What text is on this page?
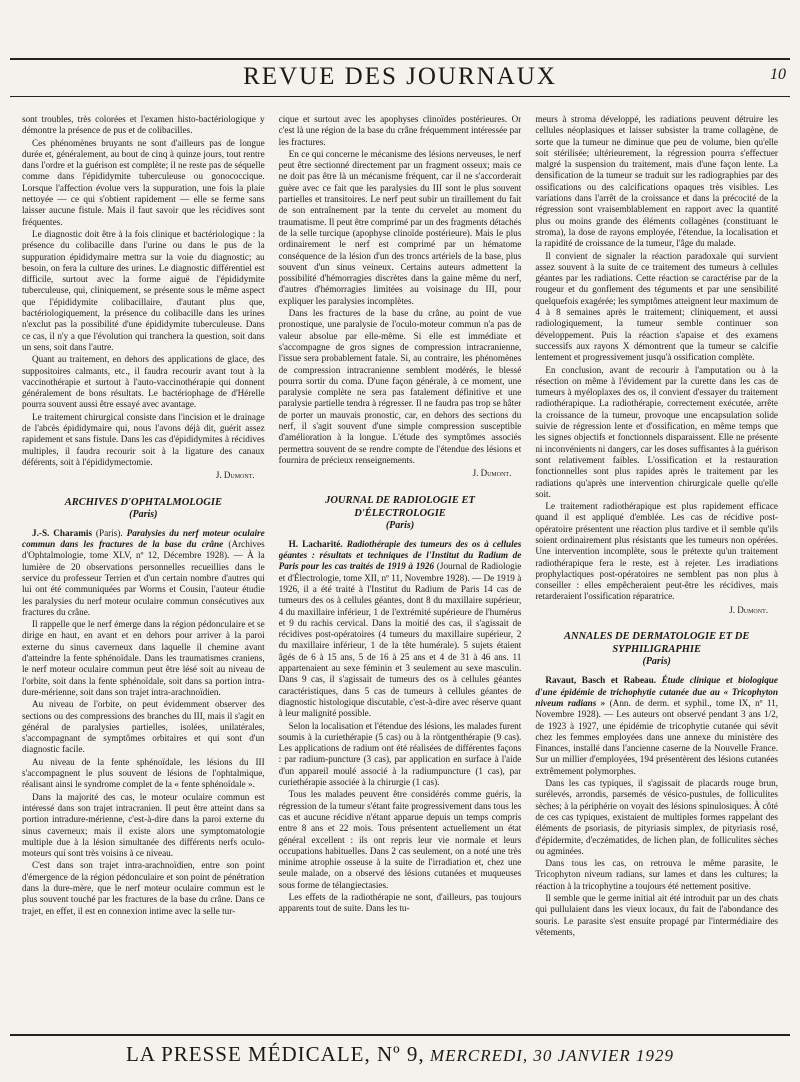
REVUE DES JOURNAUX	10

sont troubles, très colorées et l'examen histo-bactériologique y démontre la présence de pus et de colibacilles.

Ces phénomènes bruyants ne sont d'ailleurs pas de longue durée et, généralement, au bout de cinq à quinze jours, tout rentre dans l'ordre et la guérison est complète; il ne reste pas de séquelle comme dans l'épididymite tuberculeuse ou gonococcique. Lorsque l'affection évolue vers la suppuration, une fois la plaie nettoyée — ce qui s'obtient rapidement — elle se ferme sans laisser aucune fistule. Mais il faut savoir que les récidives sont fréquentes.

Le diagnostic doit être à la fois clinique et bactériologique : la présence du colibacille dans l'urine ou dans le pus de la suppuration épididymaire mettra sur la voie du diagnostic; au besoin, on fera la culture des urines. Le diagnostic différentiel est difficile, surtout avec la forme aiguë de l'épididymite tuberculeuse, qui, cliniquement, se présente sous le même aspect que l'épididymite colibacillaire, d'autant plus que, bactériologiquement, la présence du colibacille dans les urines n'exclut pas la possibilité d'une épididymite tuberculeuse. Dans ce cas, il n'y a que l'évolution qui tranchera la question, soit dans un sens, soit dans l'autre.

Quant au traitement, en dehors des applications de glace, des suppositoires calmants, etc., il faudra recourir avant tout à la vaccinothérapie et surtout à l'auto-vaccinothérapie qui donnent généralement de bons résultats. Le bactériophage de d'Hérelle pourra souvent aussi être essayé avec avantage.

Le traitement chirurgical consiste dans l'incision et le drainage de l'abcès épididymaire qui, nous l'avons déjà dit, guérit assez rapidement et sans fistule. Dans les cas d'épididymites à récidives multiples, il faudra recourir soit à la ligature des canaux déférents, soit à l'épididymectomie.

J. Dumont.
ARCHIVES D'OPHTALMOLOGIE
(Paris)

J.-S. Charamis (Paris). Paralysies du nerf moteur oculaire commun dans les fractures de la base du crâne (Archives d'Ophtalmologie, tome XLV, nº 12, Décembre 1928). — À la lumière de 20 observations personnelles recueillies dans le service du professeur Terrien et d'un certain nombre d'autres qui lui ont été communiquées par Worms et Cousin, l'auteur étudie les paralysies du nerf moteur oculaire commun consécutives aux fractures du crâne.

Il rappelle que le nerf émerge dans la région pédonculaire et se dirige en haut, en avant et en dehors pour arriver à la paroi externe du sinus caverneux dans laquelle il chemine avant d'atteindre la fente sphénoïdale. Dans les traumatismes craniens, le nerf moteur oculaire commun peut être lésé soit au niveau de l'orbite, soit dans la fente sphénoïdale, soit dans sa portion intra-dure-mérienne, soit dans son trajet intra-arachnoïdien.

Au niveau de l'orbite, on peut évidemment observer des sections ou des compressions des branches du III, mais il s'agit en général de paralysies partielles, isolées, unilatérales, s'accompagnant de symptômes orbitaires et qui sont d'un diagnostic facile.

Au niveau de la fente sphénoïdale, les lésions du III s'accompagnent le plus souvent de lésions de l'ophtalmique, réalisant ainsi le syndrome complet de la « fente sphénoïdale ».

Dans la majorité des cas, le moteur oculaire commun est intéressé dans son trajet intracranien. Il peut être atteint dans sa portion intradure-mérienne, c'est-à-dire dans la paroi externe du sinus caverneux; mais il existe alors une symptomatologie multiple due à la lésion simultanée des différents nerfs oculo-moteurs qui sont très voisins à ce niveau.

C'est dans son trajet intra-arachnoïdien, entre son point d'émergence de la région pédonculaire et son point de pénétration dans la dure-mère, que le nerf moteur oculaire commun est le plus souvent touché par les fractures de la base du crâne. Dans ce trajet, en effet, il est en connexion intime avec la selle tur-

cique et surtout avec les apophyses clinoïdes postérieures. Or c'est là une région de la base du crâne fréquemment intéressée par les fractures.

En ce qui concerne le mécanisme des lésions nerveuses, le nerf peut être sectionné directement par un fragment osseux; mais ce ne doit pas être là un mécanisme fréquent, car il ne s'accorderait guère avec ce fait que les paralysies du III sont le plus souvent partielles et transitoires. Le nerf peut subir un tiraillement du fait de son entraînement par la tente du cervelet au moment du traumatisme. Il peut être comprimé par un des fragments détachés de la selle turcique (apophyse clinoïde postérieure). Mais le plus ordinairement le nerf est comprimé par un hématome conséquence de la lésion d'un des troncs artériels de la base, plus souvent d'un sinus veineux. Certains auteurs admettent la possibilité d'hémorragies discrètes dans la gaine même du nerf, d'autres d'hémorragies limitées au voisinage du III, pour expliquer les paralysies incomplètes.

Dans les fractures de la base du crâne, au point de vue pronostique, une paralysie de l'oculo-moteur commun n'a pas de valeur absolue par elle-même. Si elle est immédiate et s'accompagne de gros signes de compression intracranienne, l'issue sera probablement fatale. Si, au contraire, les phénomènes de compression intracranienne semblent modérés, le blessé pourra sortir du coma. D'une façon générale, à ce moment, une paralysie complète ne sera pas fatalement définitive et une paralysie partielle tendra à régresser. Il ne faudra pas trop se hâter de porter un mauvais pronostic, car, en dehors des sections du nerf, il s'agit souvent d'une simple compression susceptible d'amélioration à la longue. L'étude des symptômes associés permettra souvent de se rendre compte de l'étendue des lésions et fournira de précieux renseignements.

J. Dumont.
JOURNAL DE RADIOLOGIE ET D'ÉLECTROLOGIE
(Paris)

H. Lacharité. Radiothérapie des tumeurs des os à cellules géantes : résultats et techniques de l'Institut du Radium de Paris pour les cas traités de 1919 à 1926 (Journal de Radiologie et d'Électrologie, tome XII, nº 11, Novembre 1928). — De 1919 à 1926, il a été traité à l'Institut du Radium de Paris 14 cas de tumeurs des os à cellules géantes, dont 8 du maxillaire supérieur, 4 du maxillaire inférieur, 1 de l'extrémité supérieure de l'humérus et 9 du rachis cervical. Dans la moitié des cas, il s'agissait de récidives post-opératoires (4 tumeurs du maxillaire supérieur, 2 du maxillaire inférieur, 1 de la tête humérale). 5 sujets étaient âgés de 6 à 15 ans, 5 de 16 à 25 ans et 4 de 31 à 46 ans. 11 appartenaient au sexe féminin et 3 seulement au sexe masculin. Dans 9 cas, il s'agissait de tumeurs des os à cellules géantes caractéristiques, dans 5 cas de tumeurs à cellules géantes de diagnostic histologique discutable, c'est-à-dire avec réserve quant à leur malignité possible.

Selon la localisation et l'étendue des lésions, les malades furent soumis à la curiethérapie (5 cas) ou à la röntgenthérapie (9 cas). Les applications de radium ont été réalisées de différentes façons : par radium-puncture (3 cas), par application en surface à l'aide d'un appareil moulé associé à la radiumpuncture (1 cas), par curiethérapie associée à la chirurgie (1 cas).

Tous les malades peuvent être considérés comme guéris, la régression de la tumeur s'étant faite progressivement dans tous les cas et aucune récidive n'étant apparue depuis un temps compris entre 8 ans et 22 mois. Tous présentent actuellement un état général excellent : ils ont repris leur vie normale et leurs occupations habituelles. Dans 2 cas seulement, on a noté une très minime atrophie osseuse à la suite de l'irradiation et, chez une seule malade, on a observé des lésions cutanées et muqueuses sous forme de télangiectasies.

Les effets de la radiothérapie ne sont, d'ailleurs, pas toujours apparents tout de suite. Dans les tu-

meurs à stroma développé, les radiations peuvent détruire les cellules néoplasiques et laisser subsister la trame collagène, de sorte que la tumeur ne diminue que peu de volume, bien qu'elle soit stérilisée; ultérieurement, la régression pourra s'effectuer malgré la suspension du traitement, mais d'une façon lente. La densification de la tumeur se traduit sur les radiographies par des ossifications ou des calcifications opaques très visibles. Les variations dans l'arrêt de la croissance et dans la précocité de la régression sont vraisemblablement en rapport avec la quantité plus ou moins grande des éléments collagènes (constituant le stroma), la dose de rayons employée, l'étendue, la localisation et la rapidité de croissance de la tumeur, l'âge du malade.

Il convient de signaler la réaction paradoxale qui survient assez souvent à la suite de ce traitement des tumeurs à cellules géantes par les radiations. Cette réaction se caractérise par de la rougeur et du gonflement des téguments et par une sensibilité quelquefois exagérée; les symptômes atteignent leur maximum de 4 à 8 semaines après le traitement; cliniquement, et aussi radiologiquement, la tumeur semble continuer son développement. Puis la réaction s'apaise et des examens successifs aux rayons X démontrent que la tumeur se calcifie lentement et progressivement jusqu'à ossification complète.

En conclusion, avant de recourir à l'amputation ou à la résection on même à l'évidement par la curette dans les cas de tumeurs à myéloplaxes des os, il convient d'essayer du traitement radiothérapique. La radiothérapie, correctement exécutée, arrête la croissance de la tumeur, provoque une encapsulation solide suivie de régression lente et d'ossification, en même temps que les signes objectifs et fonctionnels disparaissent. Elle ne présente ni inconvénients ni dangers, car les doses suffisantes à la guérison sont relativement faibles. L'ossification et la restauration fonctionnelles sont plus rapides après le traitement par les radiations qu'après une intervention chirurgicale quelle qu'elle soit.

Le traitement radiothérapique est plus rapidement efficace quand il est appliqué d'emblée. Les cas de récidive post-opératoire présentent une réaction plus tardive et il semble qu'ils soient ordinairement plus résistants que les tumeurs non opérées. Une intervention incomplète, sous le prétexte qu'un traitement radiothérapique fera le reste, est à rejeter. Les irradiations prophylactiques post-opératoires ne semblent pas non plus à conseiller : elles empêcheraient peut-être les récidives, mais retarderaient l'ossification réparatrice.

J. Dumont.
ANNALES DE DERMATOLOGIE ET DE SYPHILIGRAPHIE
(Paris)

Ravaut, Basch et Rabeau. Étude clinique et biologique d'une épidémie de trichophytie cutanée due au « Tricophyton niveum radians » (Ann. de derm. et syphil., tome IX, nº 11, Novembre 1928). — Les auteurs ont observé pendant 3 ans 1/2, de 1923 à 1927, une épidémie de tricophytie cutanée qui sévit chez les femmes employées dans une annexe du ministère des Finances, installé dans l'ancienne caserne de la Nouvelle France. Sur un millier d'employées, 194 présentèrent des lésions cutanées extrêmement polymorphes.

Dans les cas typiques, il s'agissait de placards rouge brun, surélevés, arrondis, parsemés de vésico-pustules, de folliculites sèches; à la périphérie on voyait des lésions spinulosiques. À côté de ces cas typiques, existaient de multiples formes rappelant des éléments de psoriasis, de pityriasis simplex, de pityriasis rosé, d'épidermite, d'eczématides, de lichen plan, de folliculites sèches ou agminées.

Dans tous les cas, on retrouva le même parasite, le Tricophyton niveum radians, sur lames et dans les cultures; la réaction à la tricophytine a toujours été nettement positive.

Il semble que le germe initial ait été introduit par un des chats qui pullulaient dans les vieux locaux, du fait de l'abondance des souris. Le parasite s'est ensuite propagé par l'intermédiaire des vêtements,

LA PRESSE MÉDICALE, Nº 9, MERCREDI, 30 JANVIER 1929
